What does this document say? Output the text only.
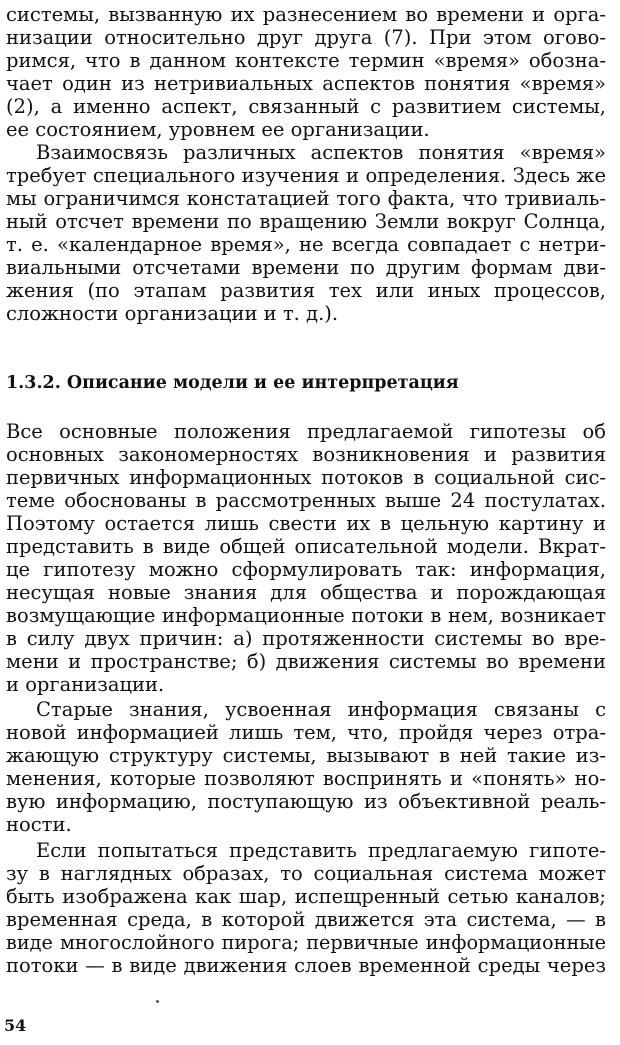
системы, вызванную их разнесением во времени и орга-
низации относительно друг друга (7). При этом огово-
римся, что в данном контексте термин «время» обозна-
чает один из нетривиальных аспектов понятия «время»
(2), а именно аспект, связанный с развитием системы,
ее состоянием, уровнем ее организации.
Взаимосвязь различных аспектов понятия «время»
требует специального изучения и определения. Здесь же
мы ограничимся констатацией того факта, что тривиаль-
ный отсчет времени по вращению Земли вокруг Солнца,
т. е. «календарное время», не всегда совпадает с нетри-
виальными отсчетами времени по другим формам дви-
жения (по этапам развития тех или иных процессов,
сложности организации и т. д.).
1.3.2. Описание модели и ее интерпретация
Все основные положения предлагаемой гипотезы об
основных закономерностях возникновения и развития
первичных информационных потоков в социальной сис-
теме обоснованы в рассмотренных выше 24 постулатах.
Поэтому остается лишь свести их в цельную картину и
представить в виде общей описательной модели. Вкрат-
це гипотезу можно сформулировать так: информация,
несущая новые знания для общества и порождающая
возмущающие информационные потоки в нем, возникает
в силу двух причин: а) протяженности системы во вре-
мени и пространстве; б) движения системы во времени
и организации.
Старые знания, усвоенная информация связаны с
новой информацией лишь тем, что, пройдя через отра-
жающую структуру системы, вызывают в ней такие из-
менения, которые позволяют воспринять и «понять» но-
вую информацию, поступающую из объективной реаль-
ности.
Если попытаться представить предлагаемую гипоте-
зу в наглядных образах, то социальная система может
быть изображена как шар, испещренный сетью каналов;
временная среда, в которой движется эта система, — в
виде многослойного пирога; первичные информационные
потоки — в виде движения слоев временной среды через
54
